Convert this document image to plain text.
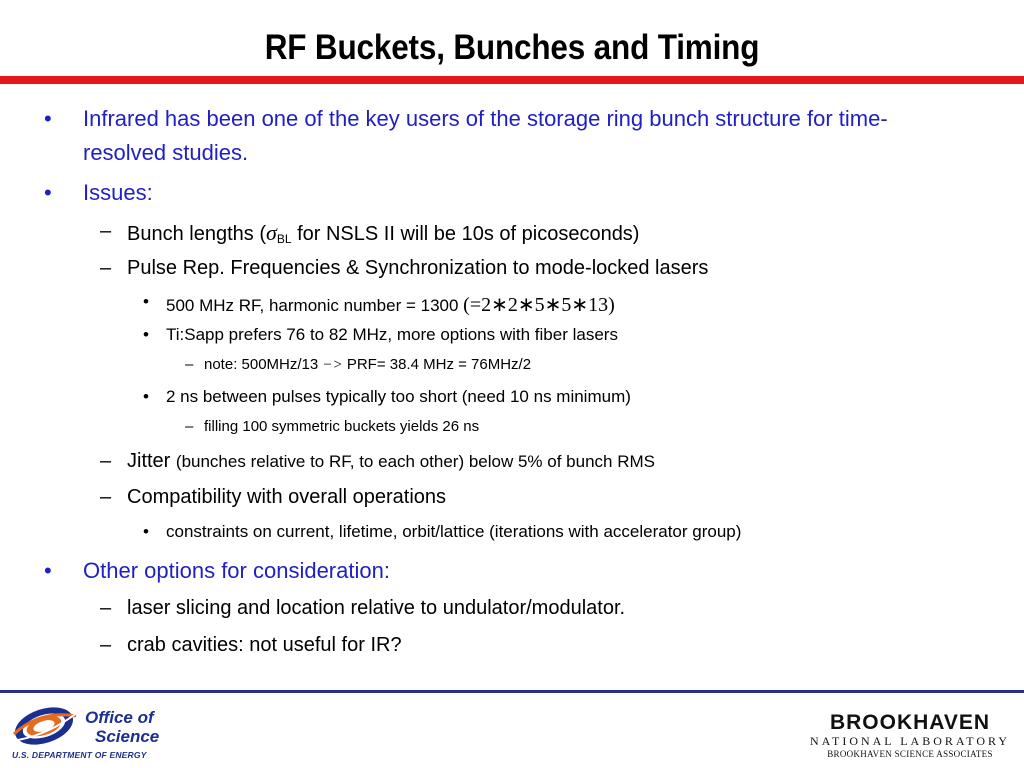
RF Buckets, Bunches and Timing
• Infrared has been one of the key users of the storage ring bunch structure for time-
resolved studies.
• Issues:
– Bunch lengths ($\sigma_{BL}$ for NSLS II will be 10s of picoseconds)
– Pulse Rep. Frequencies & Synchronization to mode-locked lasers
• 500 MHz RF, harmonic number = 1300 (=2∗2∗5∗5∗13)
• Ti:Sapp prefers 76 to 82 MHz, more options with fiber lasers
– note: 500MHz/13 −> PRF= 38.4 MHz = 76MHz/2
• 2 ns between pulses typically too short (need 10 ns minimum)
– filling 100 symmetric buckets yields 26 ns
– Jitter (bunches relative to RF, to each other) below 5% of bunch RMS
– Compatibility with overall operations
• constraints on current, lifetime, orbit/lattice (iterations with accelerator group)
• Other options for consideration:
– laser slicing and location relative to undulator/modulator.
– crab cavities: not useful for IR?
Office of
Science
U.S. DEPARTMENT OF ENERGY
BROOKHAVEN
NATIONAL LABORATORY
BROOKHAVEN SCIENCE ASSOCIATES
